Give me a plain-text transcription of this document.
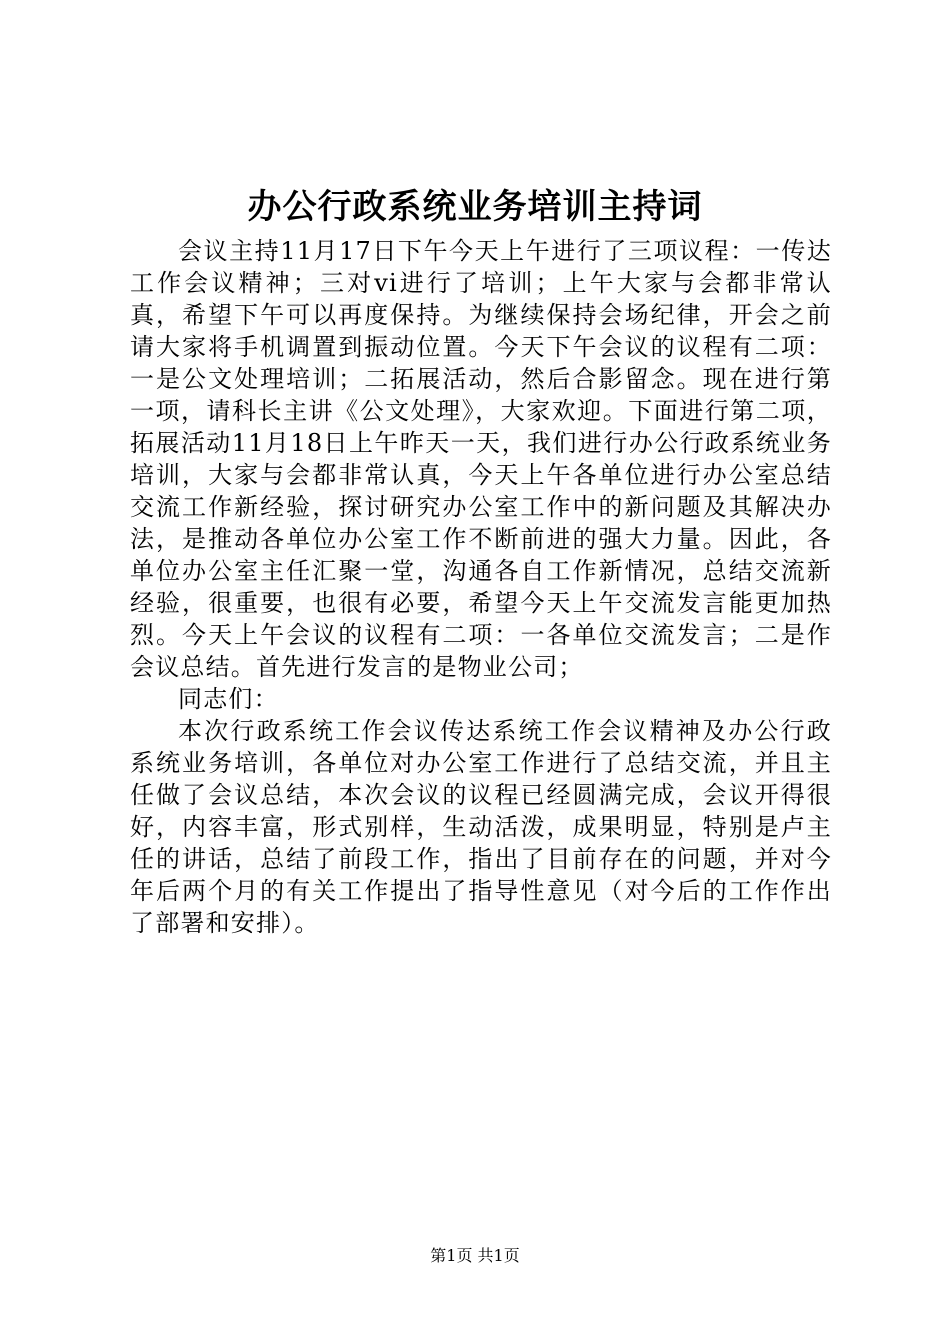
办公行政系统业务培训主持词

会议主持11月17日下午今天上午进行了三项议程：一传达工作会议精神；三对vi进行了培训；上午大家与会都非常认真，希望下午可以再度保持。为继续保持会场纪律，开会之前请大家将手机调置到振动位置。今天下午会议的议程有二项：一是公文处理培训；二拓展活动，然后合影留念。现在进行第一项，请科长主讲《公文处理》，大家欢迎。下面进行第二项，拓展活动11月18日上午昨天一天，我们进行办公行政系统业务培训，大家与会都非常认真，今天上午各单位进行办公室总结交流工作新经验，探讨研究办公室工作中的新问题及其解决办法，是推动各单位办公室工作不断前进的强大力量。因此，各单位办公室主任汇聚一堂，沟通各自工作新情况，总结交流新经验，很重要，也很有必要，希望今天上午交流发言能更加热烈。今天上午会议的议程有二项：一各单位交流发言；二是作会议总结。首先进行发言的是物业公司；

同志们：

本次行政系统工作会议传达系统工作会议精神及办公行政系统业务培训，各单位对办公室工作进行了总结交流，并且主任做了会议总结，本次会议的议程已经圆满完成，会议开得很好，内容丰富，形式别样，生动活泼，成果明显，特别是卢主任的讲话，总结了前段工作，指出了目前存在的问题，并对今年后两个月的有关工作提出了指导性意见（对今后的工作作出了部署和安排）。

第1页 共1页
